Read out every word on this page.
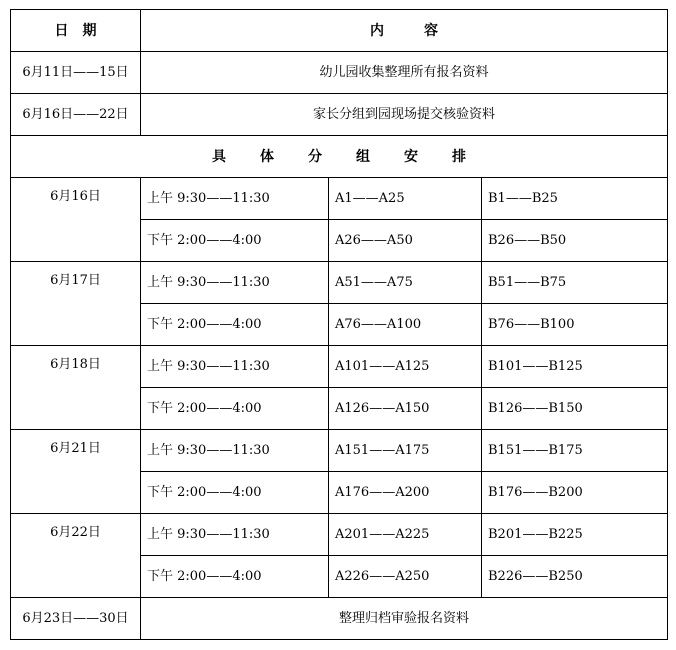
日期	内容		
6月11日——15日	幼儿园收集整理所有报名资料		
6月16日——22日	家长分组到园现场提交核验资料		
具体分组安排			
6月16日	上午 9:30——11:30	A1——A25	B1——B25
	下午 2:00——4:00	A26——A50	B26——B50
6月17日	上午 9:30——11:30	A51——A75	B51——B75
	下午 2:00——4:00	A76——A100	B76——B100
6月18日	上午 9:30——11:30	A101——A125	B101——B125
	下午 2:00——4:00	A126——A150	B126——B150
6月21日	上午 9:30——11:30	A151——A175	B151——B175
	下午 2:00——4:00	A176——A200	B176——B200
6月22日	上午 9:30——11:30	A201——A225	B201——B225
	下午 2:00——4:00	A226——A250	B226——B250
6月23日——30日	整理归档审验报名资料		
